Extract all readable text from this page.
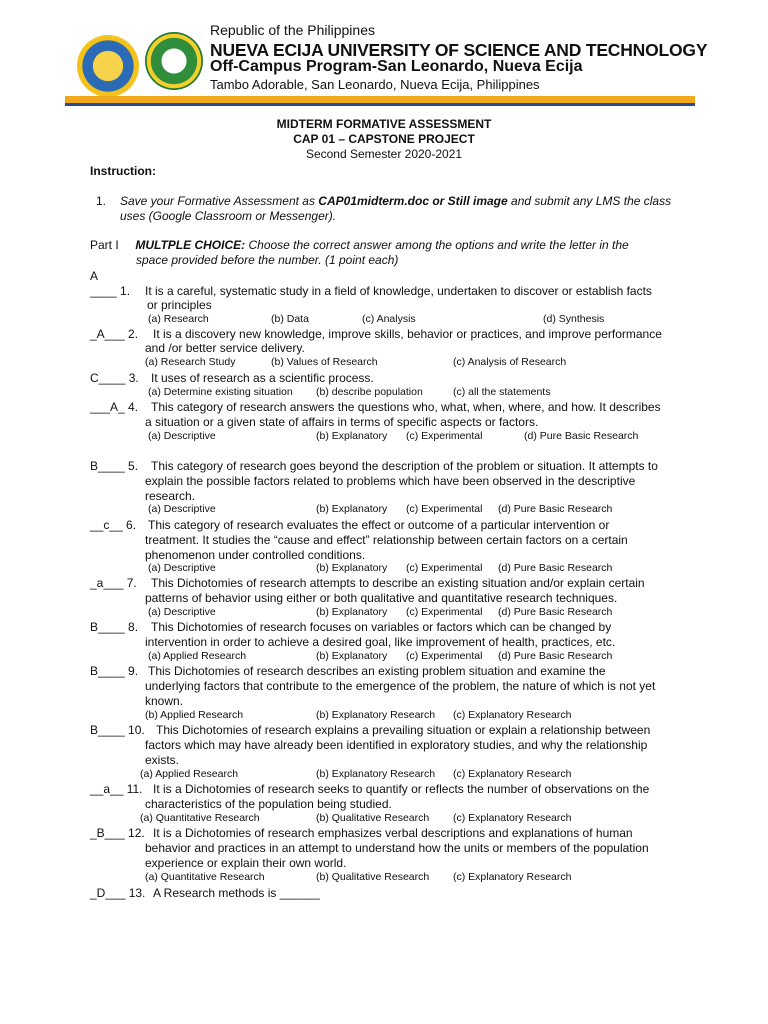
Republic of the Philippines
NUEVA ECIJA UNIVERSITY OF SCIENCE AND TECHNOLOGY
Off-Campus Program-San Leonardo, Nueva Ecija
Tambo Adorable, San Leonardo, Nueva Ecija, Philippines
MIDTERM FORMATIVE ASSESSMENT
CAP 01 – CAPSTONE PROJECT
Second Semester 2020-2021
Instruction:
1. Save your Formative Assessment as CAP01midterm.doc or Still image and submit any LMS the class
uses (Google Classroom or Messenger).
Part I MULTPLE CHOICE: Choose the correct answer among the options and write the letter in the
space provided before the number. (1 point each)
A
____ 1. It is a careful, systematic study in a field of knowledge, undertaken to discover or establish facts
or principles
(a) Research	(b) Data	(c) Analysis	(d) Synthesis
_A___ 2. It is a discovery new knowledge, improve skills, behavior or practices, and improve performance
and /or better service delivery.
(a) Research Study	(b) Values of Research	(c) Analysis of Research
C____ 3. It uses of research as a scientific process.
(a) Determine existing situation (b) describe population	(c) all the statements
___A_ 4. This category of research answers the questions who, what, when, where, and how. It describes
a situation or a given state of affairs in terms of specific aspects or factors.
(a) Descriptive	(b) Explanatory (c) Experimental	(d) Pure Basic Research
B____ 5. This category of research goes beyond the description of the problem or situation. It attempts to
explain the possible factors related to problems which have been observed in the descriptive
research.
(a) Descriptive	(b) Explanatory (c) Experimental (d) Pure Basic Research
__c__ 6. This category of research evaluates the effect or outcome of a particular intervention or
treatment. It studies the “cause and effect” relationship between certain factors on a certain
phenomenon under controlled conditions.
(a) Descriptive	(b) Explanatory (c) Experimental (d) Pure Basic Research
_a___ 7. This Dichotomies of research attempts to describe an existing situation and/or explain certain
patterns of behavior using either or both qualitative and quantitative research techniques.
(a) Descriptive	(b) Explanatory (c) Experimental (d) Pure Basic Research
B____ 8. This Dichotomies of research focuses on variables or factors which can be changed by
intervention in order to achieve a desired goal, like improvement of health, practices, etc.
(a) Applied Research	(b) Explanatory (c) Experimental (d) Pure Basic Research
B____ 9. This Dichotomies of research describes an existing problem situation and examine the
underlying factors that contribute to the emergence of the problem, the nature of which is not yet
known.
(b) Applied Research	(b) Explanatory Research (c) Explanatory Research
B____ 10. This Dichotomies of research explains a prevailing situation or explain a relationship between
factors which may have already been identified in exploratory studies, and why the relationship
exists.
(a) Applied Research	(b) Explanatory Research (c) Explanatory Research
__a__ 11. It is a Dichotomies of research seeks to quantify or reflects the number of observations on the
characteristics of the population being studied.
(a) Quantitative Research	(b) Qualitative Research (c) Explanatory Research
_B___ 12. It is a Dichotomies of research emphasizes verbal descriptions and explanations of human
behavior and practices in an attempt to understand how the units or members of the population
experience or explain their own world.
(a) Quantitative Research	(b) Qualitative Research (c) Explanatory Research
_D___ 13. A Research methods is ______
